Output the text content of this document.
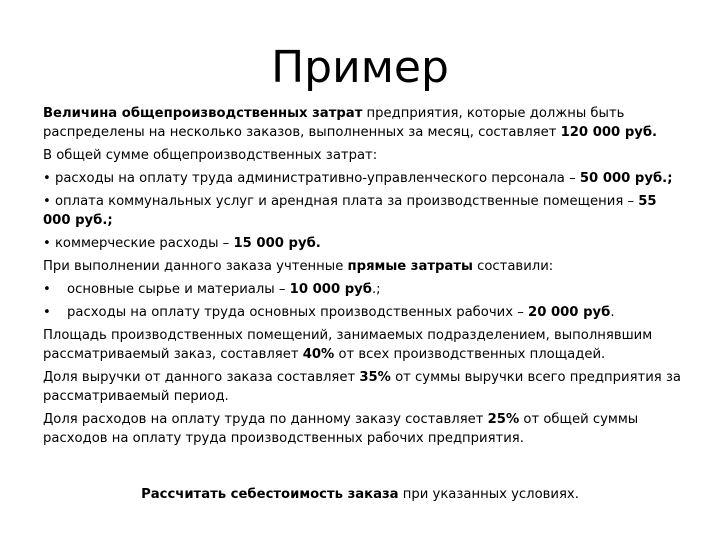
Пример

Величина общепроизводственных затрат предприятия, которые должны быть распределены на несколько заказов, выполненных за месяц, составляет 120 000 руб.

В общей сумме общепроизводственных затрат:

• расходы на оплату труда административно-управленческого персонала – 50 000 руб.;

• оплата коммунальных услуг и арендная плата за производственные помещения – 55 000 руб.;

• коммерческие расходы – 15 000 руб.

При выполнении данного заказа учтенные прямые затраты составили:

•	основные сырье и материалы – 10 000 руб.;
•	расходы на оплату труда основных производственных рабочих – 20 000 руб.

Площадь производственных помещений, занимаемых подразделением, выполнявшим рассматриваемый заказ, составляет 40% от всех производственных площадей.

Доля выручки от данного заказа составляет 35% от суммы выручки всего предприятия за рассматриваемый период.

Доля расходов на оплату труда по данному заказу составляет 25% от общей суммы расходов на оплату труда производственных рабочих предприятия.

Рассчитать себестоимость заказа при указанных условиях.
